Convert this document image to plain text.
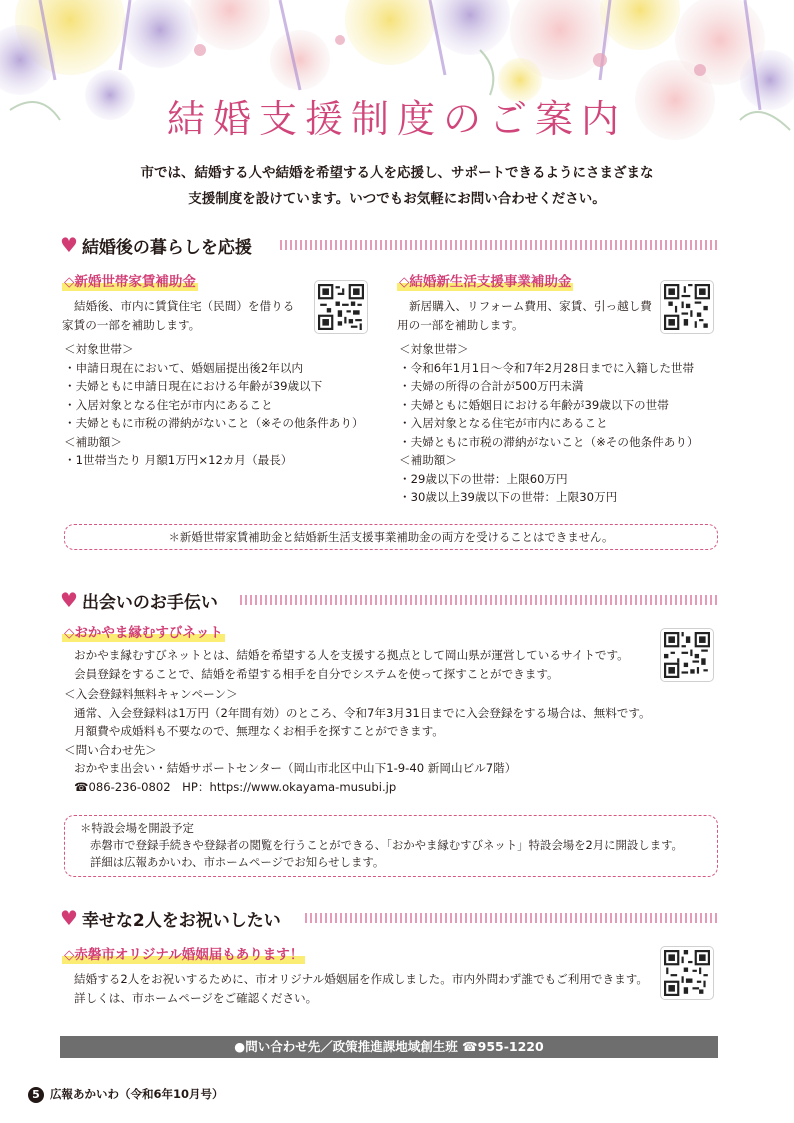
結婚支援制度のご案内
市では、結婚する人や結婚を希望する人を応援し、サポートできるようにさまざまな
支援制度を設けています。いつでもお気軽にお問い合わせください。
♥ 結婚後の暮らしを応援
◇新婚世帯家賃補助金
結婚後、市内に賃貸住宅（民間）を借りる
家賃の一部を補助します。
＜対象世帯＞
・申請日現在において、婚姻届提出後2年以内
・夫婦ともに申請日現在における年齢が39歳以下
・入居対象となる住宅が市内にあること
・夫婦ともに市税の滞納がないこと（※その他条件あり）
＜補助額＞
・1世帯当たり 月額1万円×12カ月（最長）
◇結婚新生活支援事業補助金
新居購入、リフォーム費用、家賃、引っ越し費
用の一部を補助します。
＜対象世帯＞
・令和6年1月1日～令和7年2月28日までに入籍した世帯
・夫婦の所得の合計が500万円未満
・夫婦ともに婚姻日における年齢が39歳以下の世帯
・入居対象となる住宅が市内にあること
・夫婦ともに市税の滞納がないこと（※その他条件あり）
＜補助額＞
・29歳以下の世帯：上限60万円
・30歳以上39歳以下の世帯：上限30万円
＊新婚世帯家賃補助金と結婚新生活支援事業補助金の両方を受けることはできません。
♥ 出会いのお手伝い
◇おかやま縁むすびネット
おかやま縁むすびネットとは、結婚を希望する人を支援する拠点として岡山県が運営しているサイトです。
会員登録をすることで、結婚を希望する相手を自分でシステムを使って探すことができます。
＜入会登録料無料キャンペーン＞
通常、入会登録料は1万円（2年間有効）のところ、令和7年3月31日までに入会登録をする場合は、無料です。
月額費や成婚料も不要なので、無理なくお相手を探すことができます。
＜問い合わせ先＞
おかやま出会い・結婚サポートセンター（岡山市北区中山下1-9-40 新岡山ビル7階）
☎086-236-0802　HP：https://www.okayama-musubi.jp
＊特設会場を開設予定
赤磐市で登録手続きや登録者の閲覧を行うことができる、「おかやま縁むすびネット」特設会場を2月に開設します。
詳細は広報あかいわ、市ホームページでお知らせします。
♥ 幸せな2人をお祝いしたい
◇赤磐市オリジナル婚姻届もあります！
結婚する2人をお祝いするために、市オリジナル婚姻届を作成しました。市内外問わず誰でもご利用できます。
詳しくは、市ホームページをご確認ください。
●問い合わせ先／政策推進課地域創生班 ☎955-1220
5 広報あかいわ（令和6年10月号）
